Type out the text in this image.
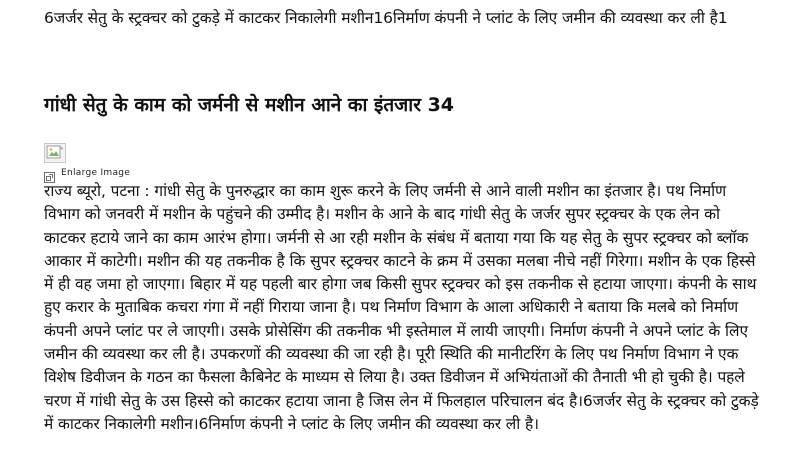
6जर्जर सेतु के स्ट्रक्चर को टुकड़े में काटकर निकालेगी मशीन16निर्माण कंपनी ने प्लांट के लिए जमीन की व्यवस्था कर ली है1
गांधी सेतु के काम को जर्मनी से मशीन आने का इंतजार 34
Enlarge Image

राज्य ब्यूरो, पटना : गांधी सेतु के पुनरुद्धार का काम शुरू करने के लिए जर्मनी से आने वाली मशीन का इंतजार है। पथ निर्माण विभाग को जनवरी में मशीन के पहुंचने की उम्मीद है। मशीन के आने के बाद गांधी सेतु के जर्जर सुपर स्ट्रक्चर के एक लेन को काटकर हटाये जाने का काम आरंभ होगा। जर्मनी से आ रही मशीन के संबंध में बताया गया कि यह सेतु के सुपर स्ट्रक्चर को ब्लॉक आकार में काटेगी। मशीन की यह तकनीक है कि सुपर स्ट्रक्चर काटने के क्रम में उसका मलबा नीचे नहीं गिरेगा। मशीन के एक हिस्से में ही वह जमा हो जाएगा। बिहार में यह पहली बार होगा जब किसी सुपर स्ट्रक्चर को इस तकनीक से हटाया जाएगा। कंपनी के साथ हुए करार के मुताबिक कचरा गंगा में नहीं गिराया जाना है। पथ निर्माण विभाग के आला अधिकारी ने बताया कि मलबे को निर्माण कंपनी अपने प्लांट पर ले जाएगी। उसके प्रोसेसिंग की तकनीक भी इस्तेमाल में लायी जाएगी। निर्माण कंपनी ने अपने प्लांट के लिए जमीन की व्यवस्था कर ली है। उपकरणों की व्यवस्था की जा रही है। पूरी स्थिति की मानीटरिंग के लिए पथ निर्माण विभाग ने एक विशेष डिवीजन के गठन का फैसला कैबिनेट के माध्यम से लिया है। उक्त डिवीजन में अभियंताओं की तैनाती भी हो चुकी है। पहले चरण में गांधी सेतु के उस हिस्से को काटकर हटाया जाना है जिस लेन में फिलहाल परिचालन बंद है।6जर्जर सेतु के स्ट्रक्चर को टुकड़े में काटकर निकालेगी मशीन।6निर्माण कंपनी ने प्लांट के लिए जमीन की व्यवस्था कर ली है।
